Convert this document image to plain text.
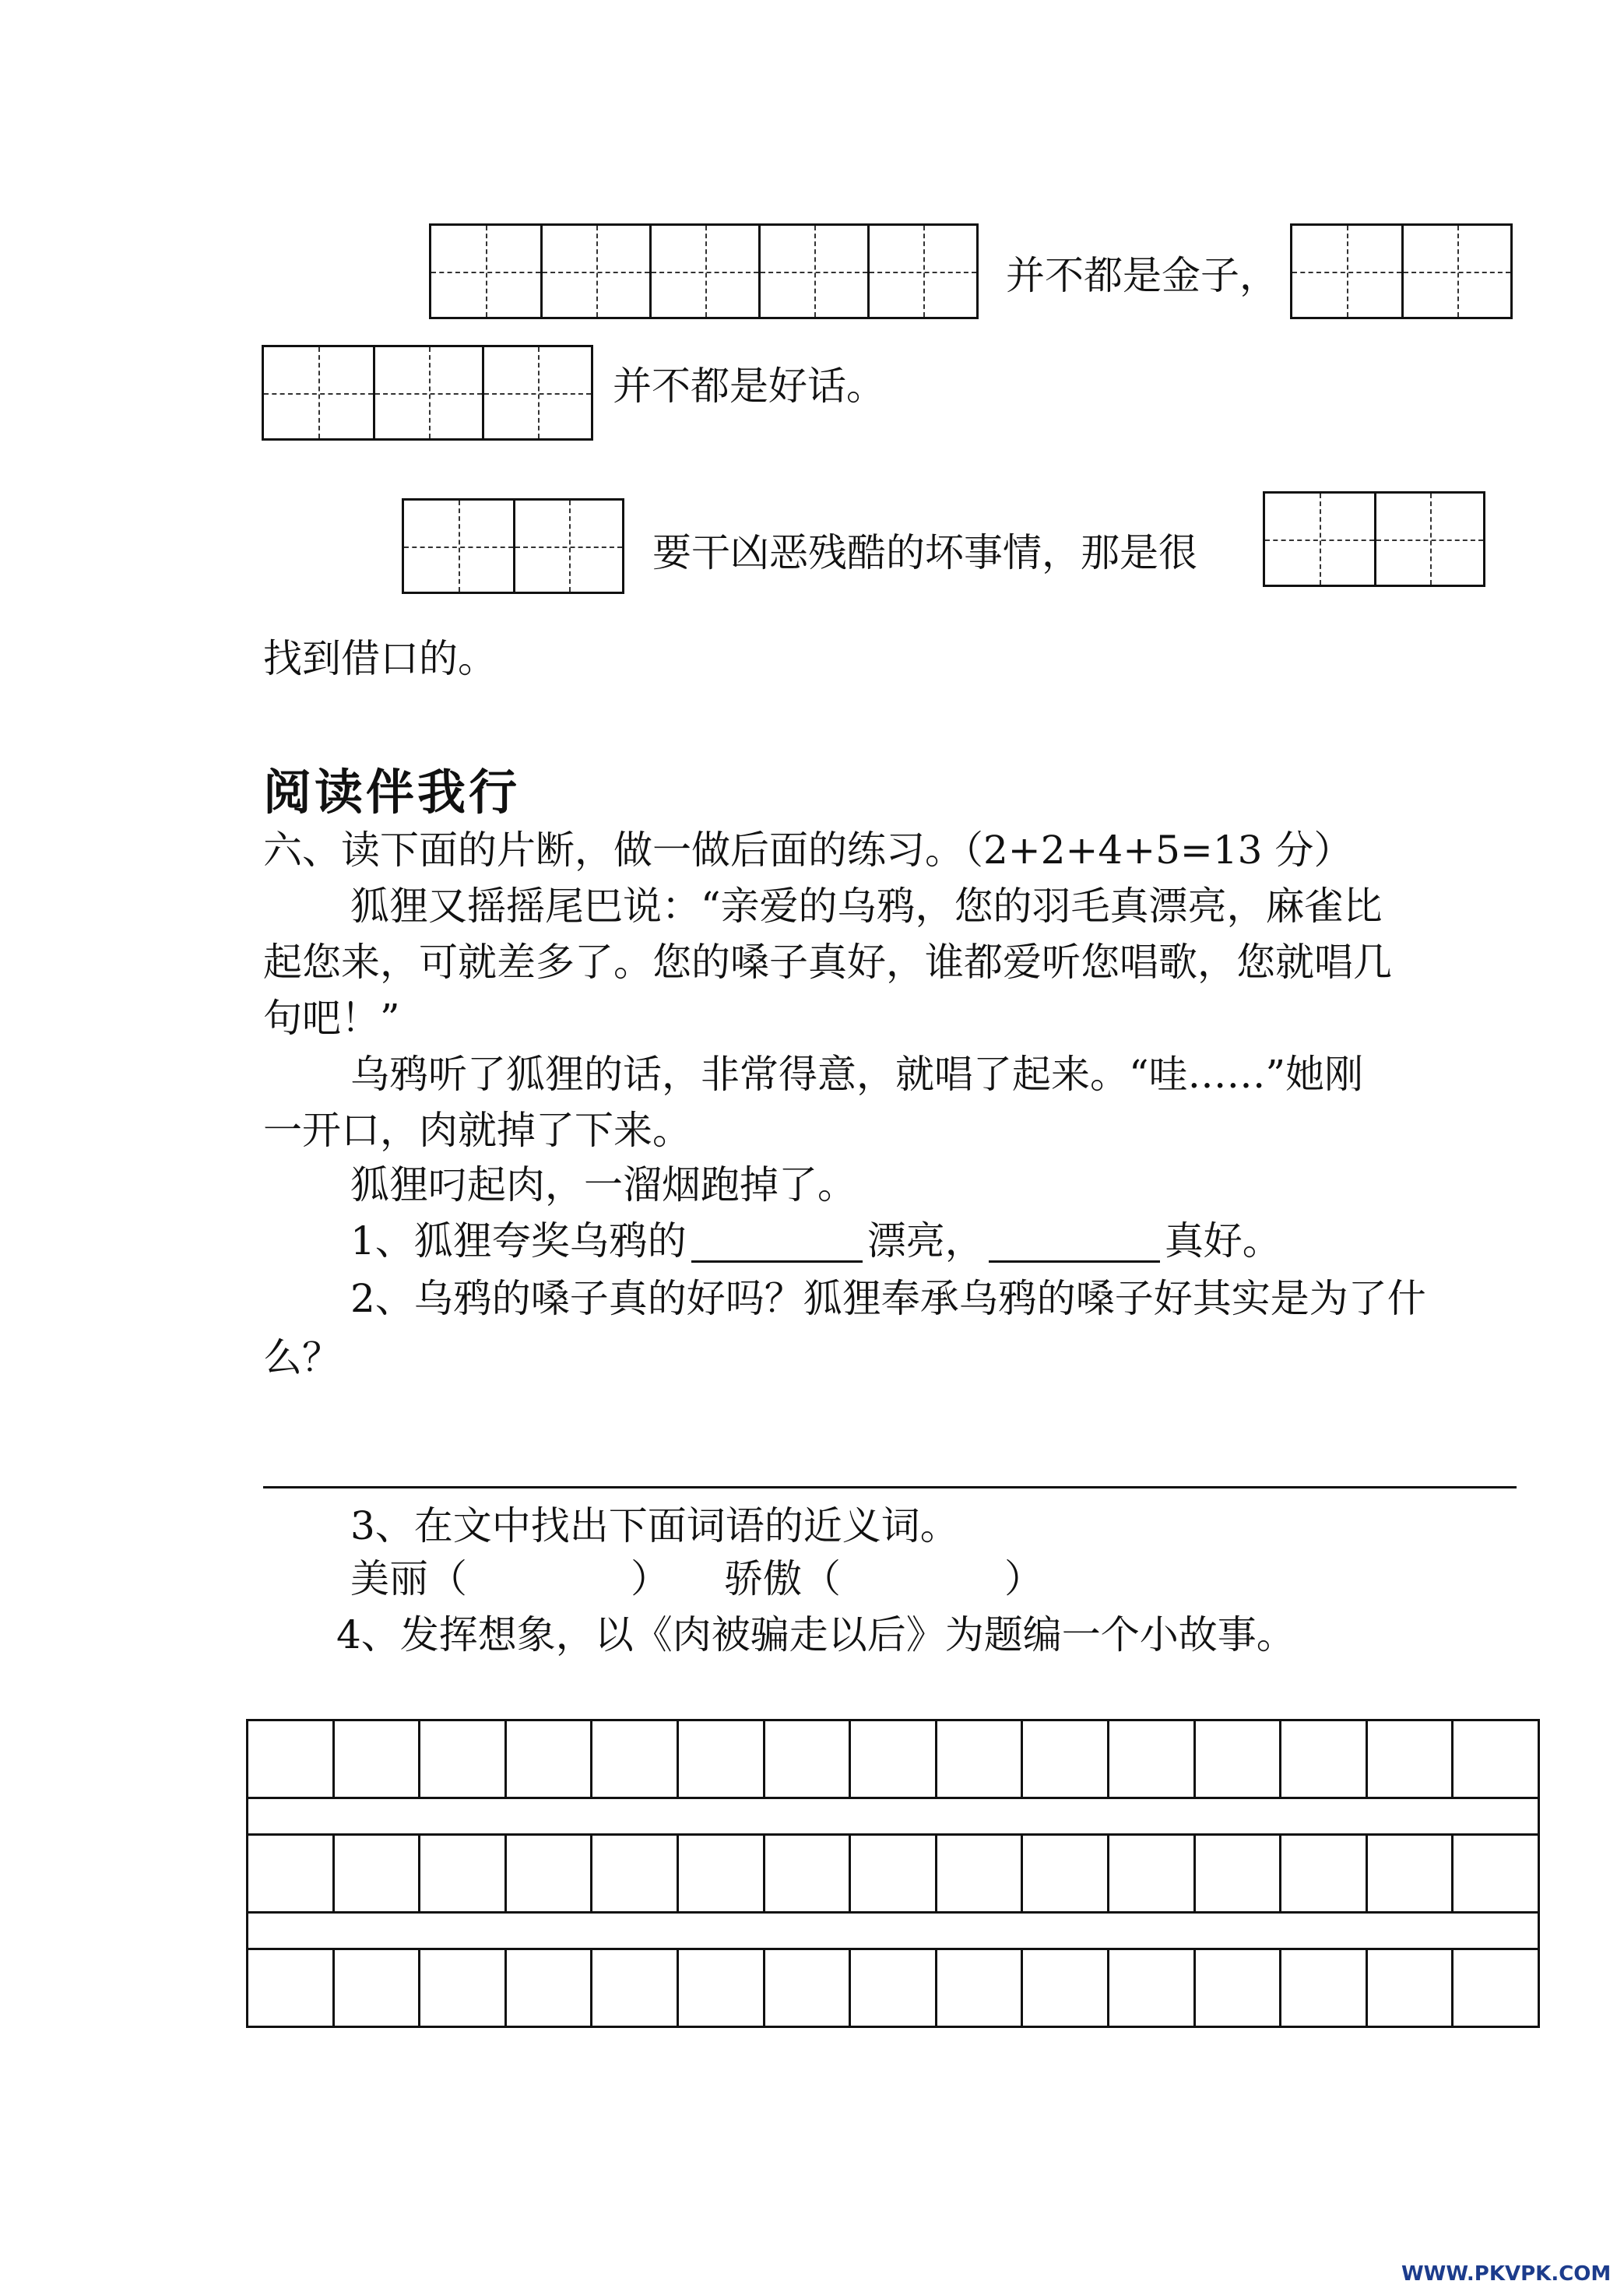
并不都是金子，
并不都是好话。
要干凶恶残酷的坏事情，那是很
找到借口的。
阅读伴我行
六、读下面的片断，做一做后面的练习。（2+2+4+5=13 分）
狐狸又摇摇尾巴说：“亲爱的乌鸦，您的羽毛真漂亮，麻雀比
起您来，可就差多了。您的嗓子真好，谁都爱听您唱歌，您就唱几
句吧！”
乌鸦听了狐狸的话，非常得意，就唱了起来。“哇……”她刚
一开口，肉就掉了下来。
狐狸叼起肉，一溜烟跑掉了。
1、狐狸夸奖乌鸦的	漂亮，	真好。
2、乌鸦的嗓子真的好吗？狐狸奉承乌鸦的嗓子好其实是为了什
么？
3、在文中找出下面词语的近义词。
美丽（	） 骄傲（	）
4、发挥想象，以《肉被骗走以后》为题编一个小故事。
WWW.PKVPK.COM
